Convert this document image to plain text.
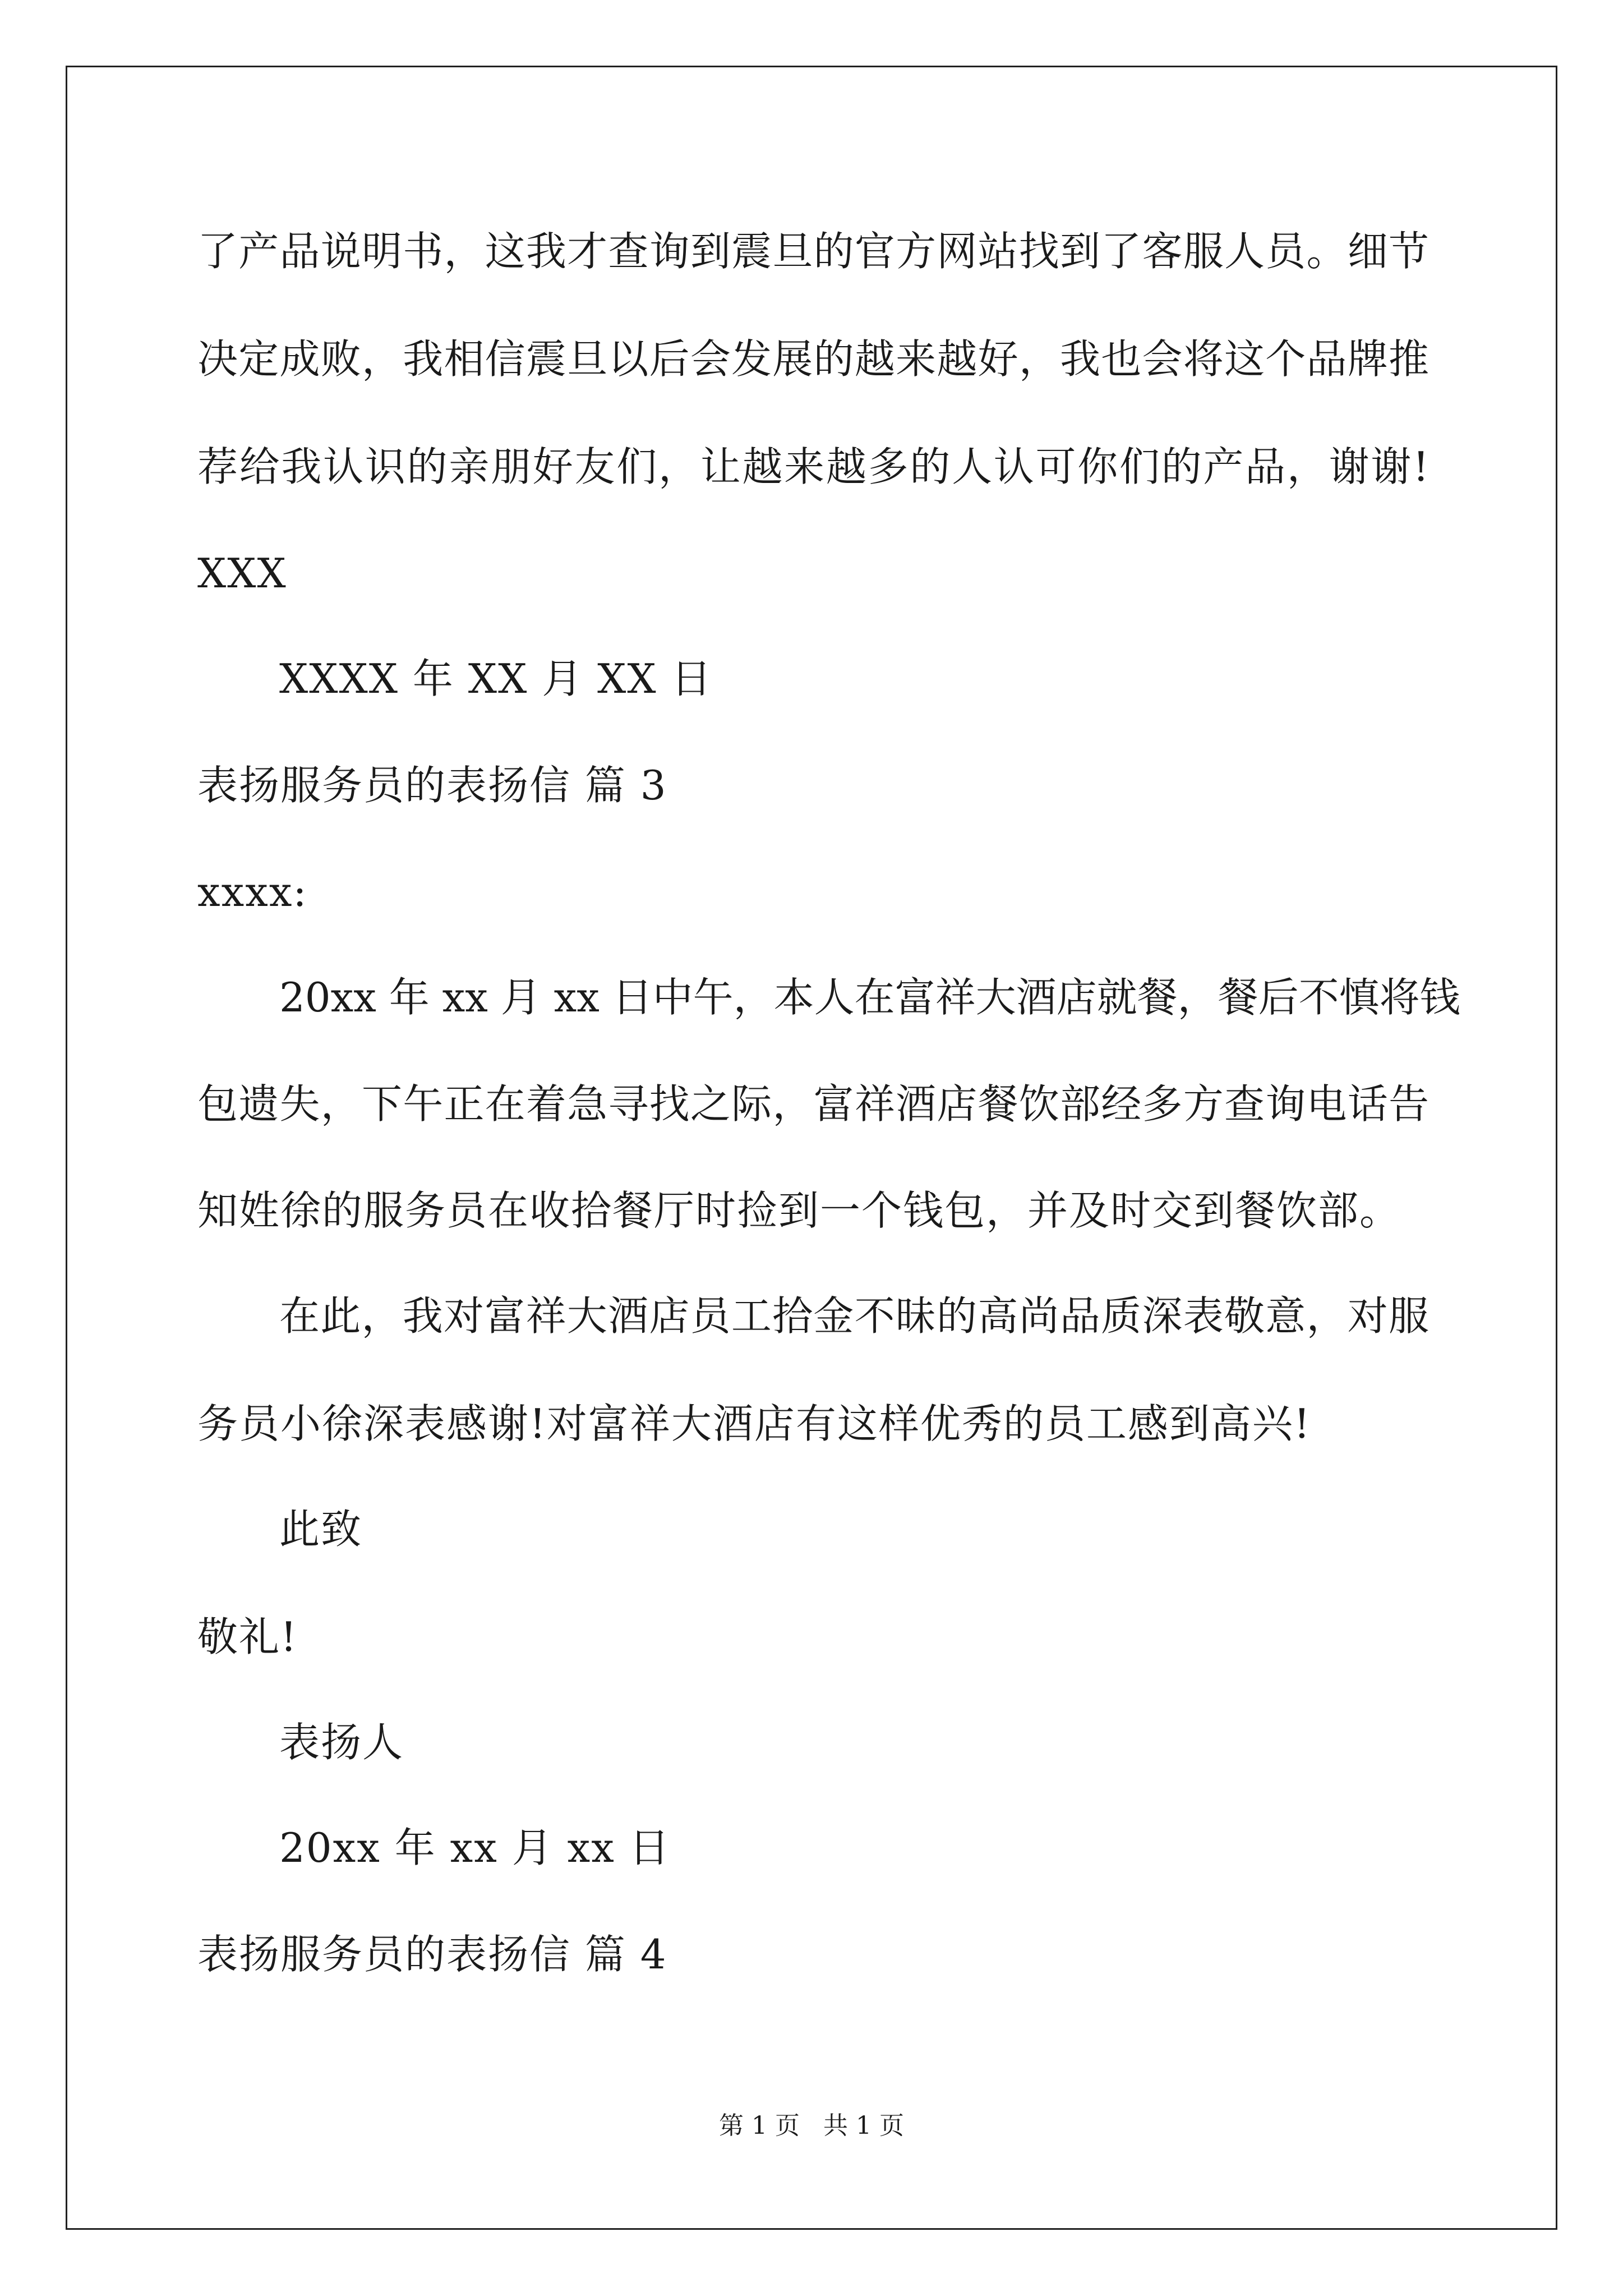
了产品说明书，这我才查询到震旦的官方网站找到了客服人员。细节

决定成败，我相信震旦以后会发展的越来越好，我也会将这个品牌推

荐给我认识的亲朋好友们，让越来越多的人认可你们的产品，谢谢!

XXX

XXXX 年 XX 月 XX 日

表扬服务员的表扬信 篇 3

xxxx:

20xx 年 xx 月 xx 日中午，本人在富祥大酒店就餐，餐后不慎将钱

包遗失，下午正在着急寻找之际，富祥酒店餐饮部经多方查询电话告

知姓徐的服务员在收拾餐厅时捡到一个钱包，并及时交到餐饮部。

在此，我对富祥大酒店员工拾金不昧的高尚品质深表敬意，对服

务员小徐深表感谢!对富祥大酒店有这样优秀的员工感到高兴!

此致

敬礼!

表扬人

20xx 年 xx 月 xx 日

表扬服务员的表扬信 篇 4

第 1 页   共 1 页
